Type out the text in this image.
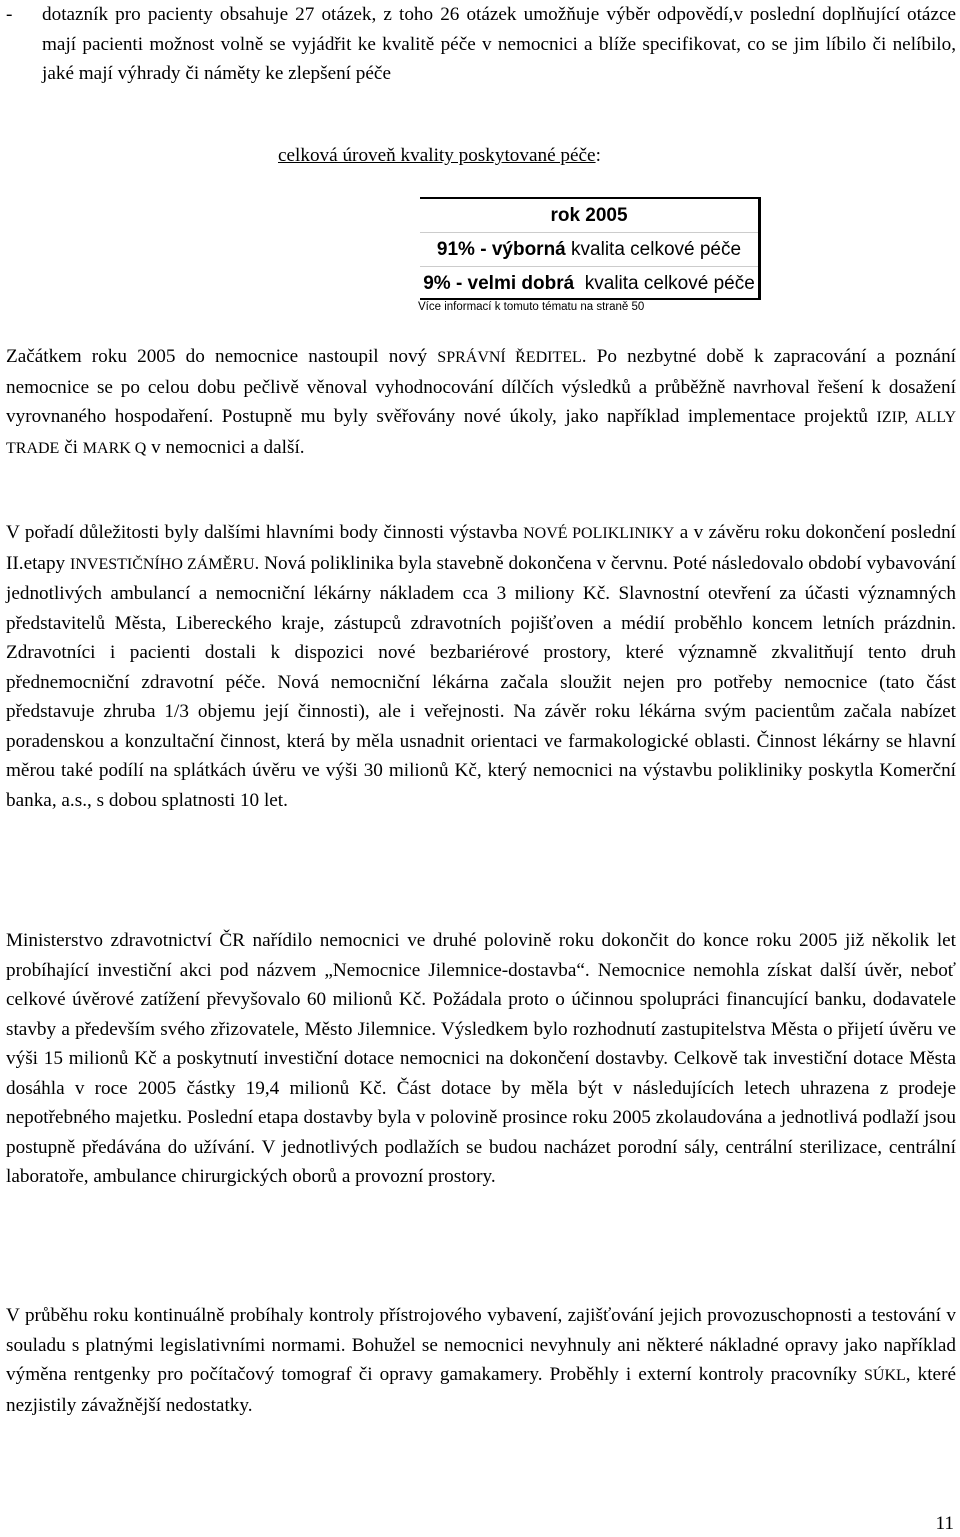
- dotazník pro pacienty obsahuje 27 otázek, z toho 26 otázek umožňuje výběr odpovědí,v poslední doplňující otázce mají pacienti možnost volně se vyjádřit ke kvalitě péče v nemocnici a blíže specifikovat, co se jim líbilo či nelíbilo, jaké mají výhrady či náměty ke zlepšení péče
celková úroveň kvality poskytované péče:
rok 2005
91% - výborná kvalita celkové péče
9% - velmi dobrá  kvalita celkové péče
Více informací k tomuto tématu na straně 50
Začátkem roku 2005 do nemocnice nastoupil nový SPRÁVNÍ ŘEDITEL. Po nezbytné době k zapracování a poznání nemocnice se po celou dobu pečlivě věnoval vyhodnocování dílčích výsledků a průběžně navrhoval řešení k dosažení vyrovnaného hospodaření. Postupně mu byly svěřovány nové úkoly, jako například implementace projektů IZIP, ALLY TRADE či MARK Q v nemocnici a další.
V pořadí důležitosti byly dalšími hlavními body činnosti výstavba NOVÉ POLIKLINIKY a v závěru roku dokončení poslední II.etapy INVESTIČNÍHO ZÁMĚRU. Nová poliklinika byla stavebně dokončena v červnu. Poté následovalo období vybavování jednotlivých ambulancí a nemocniční lékárny nákladem cca 3 miliony Kč. Slavnostní otevření za účasti významných představitelů Města, Libereckého kraje, zástupců zdravotních pojišťoven a médií proběhlo koncem letních prázdnin. Zdravotníci i pacienti dostali k dispozici nové bezbariérové prostory, které významně zkvalitňují tento druh přednemocniční zdravotní péče. Nová nemocniční lékárna začala sloužit nejen pro potřeby nemocnice (tato část představuje zhruba 1/3 objemu její činnosti), ale i veřejnosti. Na závěr roku lékárna svým pacientům začala nabízet poradenskou a konzultační činnost, která by měla usnadnit orientaci ve farmakologické oblasti. Činnost lékárny se hlavní měrou také podílí na splátkách úvěru ve výši 30 milionů Kč, který nemocnici na výstavbu polikliniky poskytla Komerční banka, a.s., s dobou splatnosti 10 let.
Ministerstvo zdravotnictví ČR nařídilo nemocnici ve druhé polovině roku dokončit do konce roku 2005 již několik let probíhající investiční akci pod názvem „Nemocnice Jilemnice-dostavba“. Nemocnice nemohla získat další úvěr, neboť celkové úvěrové zatížení převyšovalo 60 milionů Kč. Požádala proto o účinnou spolupráci financující banku, dodavatele stavby a především svého zřizovatele, Město Jilemnice. Výsledkem bylo rozhodnutí zastupitelstva Města o přijetí úvěru ve výši 15 milionů Kč a poskytnutí investiční dotace nemocnici na dokončení dostavby. Celkově tak investiční dotace Města dosáhla v roce 2005 částky 19,4 milionů Kč. Část dotace by měla být v následujících letech uhrazena z prodeje nepotřebného majetku. Poslední etapa dostavby byla v polovině prosince roku 2005 zkolaudována a jednotlivá podlaží jsou postupně předávána do užívání. V jednotlivých podlažích se budou nacházet porodní sály, centrální sterilizace, centrální laboratoře, ambulance chirurgických oborů a provozní prostory.
V průběhu roku kontinuálně probíhaly kontroly přístrojového vybavení, zajišťování jejich provozuschopnosti a testování v souladu s platnými legislativními normami. Bohužel se nemocnici nevyhnuly ani některé nákladné opravy jako například výměna rentgenky pro počítačový tomograf či opravy gamakamery. Proběhly i externí kontroly pracovníky SÚKL, které nezjistily závažnější nedostatky.
11
